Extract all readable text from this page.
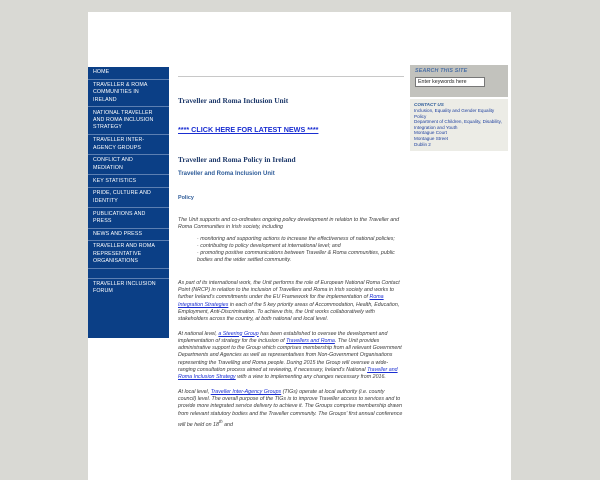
HOME
TRAVELLER & ROMA COMMUNITIES IN IRELAND
NATIONAL TRAVELLER AND ROMA INCLUSION STRATEGY
TRAVELLER INTER-AGENCY GROUPS
CONFLICT AND MEDIATION
KEY STATISTICS
PRIDE, CULTURE AND IDENTITY
PUBLICATIONS AND PRESS
NEWS AND PRESS
TRAVELLER AND ROMA REPRESENTATIVE ORGANISATIONS
TRAVELLER INCLUSION FORUM
Traveller and Roma Inclusion Unit
**** CLICK HERE FOR LATEST NEWS ****
Traveller and Roma Policy in Ireland
Traveller and Roma Inclusion Unit
Policy

The Unit supports and co-ordinates ongoing policy development in relation to the Traveller and Roma Communities in Irish society, including

· monitoring and supporting actions to increase the effectiveness of national policies;
· contributing to policy development at international level; and
· promoting positive communications between Traveller & Roma communities, public bodies and the wider settled community.

As part of its international work, the Unit performs the role of European National Roma Contact Point (NRCP) in relation to the inclusion of Travellers and Roma in Irish society and works to further Ireland's commitments under the EU Framework for the implementation of Roma Integration Strategies in each of the 5 key priority areas of Accommodation, Health, Education, Employment, Anti-Discrimination. To achieve this, the Unit works collaboratively with stakeholders across the country, at both national and local level.

At national level, a Steering Group has been established to oversee the development and implementation of strategy for the inclusion of Travellers and Roma. The Unit provides administrative support to the Group which comprises membership from all relevant Government Departments and Agencies as well as representatives from Non-Government Organisations representing the Travelling and Roma people. During 2015 the Group will oversee a wide-ranging consultation process aimed at reviewing, if necessary, Ireland's National Traveller and Roma Inclusion Strategy with a view to implementing any changes necessary from 2016.

At local level, Traveller Inter-Agency Groups (TIGs) operate at local authority (i.e. county council) level. The overall purpose of the TIGs is to improve Traveller access to services and to provide more integrated service delivery to achieve it. The Groups comprise membership drawn from relevant statutory bodies and the Traveller community. The Groups' first annual conference will be held on 18th and

SEARCH THIS SITE
Enter keywords here
CONTACT US
Inclusion, Equality and Gender Equality Policy
Department of Children, Equality, Disability, Integration and Youth
Montague Court
Montague Street
Dublin 2
